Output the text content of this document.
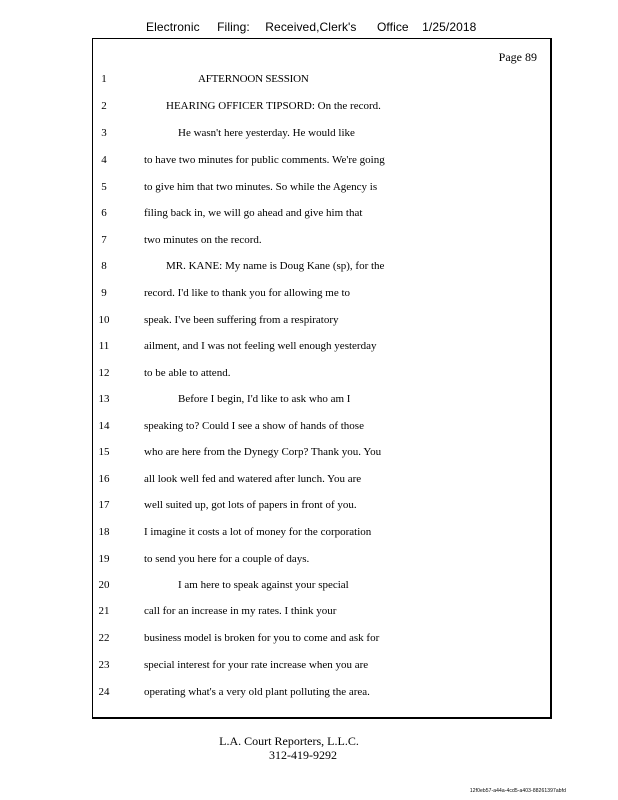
Electronic Filing: Received,Clerk's Office 1/25/2018
Page 89
1	AFTERNOON SESSION
2	HEARING OFFICER TIPSORD: On the record.
3	He wasn't here yesterday. He would like
4	to have two minutes for public comments. We're going
5	to give him that two minutes. So while the Agency is
6	filing back in, we will go ahead and give him that
7	two minutes on the record.
8	MR. KANE: My name is Doug Kane (sp), for the
9	record. I'd like to thank you for allowing me to
10	speak. I've been suffering from a respiratory
11	ailment, and I was not feeling well enough yesterday
12	to be able to attend.
13	Before I begin, I'd like to ask who am I
14	speaking to? Could I see a show of hands of those
15	who are here from the Dynegy Corp? Thank you. You
16	all look well fed and watered after lunch. You are
17	well suited up, got lots of papers in front of you.
18	I imagine it costs a lot of money for the corporation
19	to send you here for a couple of days.
20	I am here to speak against your special
21	call for an increase in my rates. I think your
22	business model is broken for you to come and ask for
23	special interest for your rate increase when you are
24	operating what's a very old plant polluting the area.
L.A. Court Reporters, L.L.C.
312-419-9292
12f0eb57-a44a-4cd5-a403-88261397abfd
